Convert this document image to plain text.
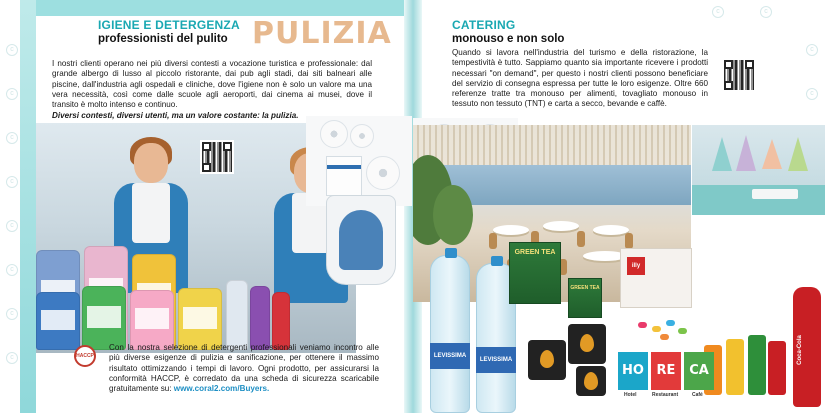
c
c
c
c
c
c
c
c
c
c
c
c
IGIENE E DETERGENZA
professionisti del pulito PULIZIA
I nostri clienti operano nei più diversi contesti a vocazione turistica e professionale: dal grande albergo di lusso al piccolo ristorante, dai pub agli stadi, dai siti balneari alle piscine, dall'industria agli ospedali e cliniche, dove l'igiene non è solo un valore ma una vera necessità, così come dalle scuole agli aeroporti, dai cinema ai musei, dove il transito è molto intenso e continuo.
Diversi contesti, diversi utenti, ma un valore costante: la pulizia.
HACCP
Con la nostra selezione di detergenti professionali veniamo incontro alle più diverse esigenze di pulizia e sanificazione, per ottenere il massimo risultato ottimizzando i tempi di lavoro. Ogni prodotto, per assicurarsi la conformità HACCP, è corredato da una scheda di sicurezza scaricabile gratuitamente su: www.coral2.com/Buyers.
CATERING
monouso e non solo
Quando si lavora nell'industria del turismo e della ristorazione, la tempestività è tutto. Sappiamo quanto sia importante ricevere i prodotti necessari "on demand", per questo i nostri clienti possono beneficiare del servizio di consegna espressa per tutte le loro esigenze. Oltre 660 referenze tratte tra monouso per alimenti, tovagliato monouso in tessuto non tessuto (TNT) e carta a secco, bevande e caffè.
LEVISSIMA
LEVISSIMA
GREEN TEA
GREEN TEA
illy
Coca-Cola
HO RE	CA
Hotel	Restaurant	Café
